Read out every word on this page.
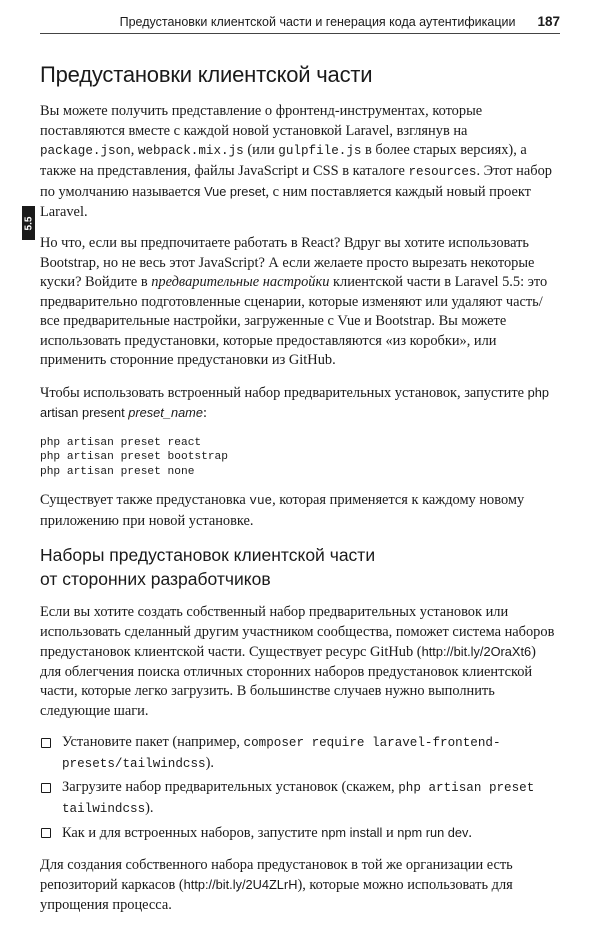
Предустановки клиентской части и генерация кода аутентификации 187
5.5
Предустановки клиентской части

Вы можете получить представление о фронтенд-инструментах, которые поставляются вместе с каждой новой установкой Laravel, взглянув на package.json, webpack.mix.js (или gulpfile.js в более старых версиях), а также на представления, файлы JavaScript и CSS в каталоге resources. Этот набор по умолчанию называется Vue preset, с ним поставляется каждый новый проект Laravel.

Но что, если вы предпочитаете работать в React? Вдруг вы хотите использовать Bootstrap, но не весь этот JavaScript? А если желаете просто вырезать некоторые куски? Войдите в предварительные настройки клиентской части в Laravel 5.5: это предварительно подготовленные сценарии, которые изменяют или удаляют часть/все предварительные настройки, загруженные с Vue и Bootstrap. Вы можете использовать предустановки, которые предоставляются «из коробки», или применить сторонние предустановки из GitHub.

Чтобы использовать встроенный набор предварительных установок, запустите php artisan present preset_name:

php artisan preset react
php artisan preset bootstrap
php artisan preset none

Существует также предустановка vue, которая применяется к каждому новому приложению при новой установке.

Наборы предустановок клиентской части
от сторонних разработчиков

Если вы хотите создать собственный набор предварительных установок или использовать сделанный другим участником сообщества, поможет система наборов предустановок клиентской части. Существует ресурс GitHub (http://bit.ly/2OraXt6) для облегчения поиска отличных сторонних наборов предустановок клиентской части, которые легко загрузить. В большинстве случаев нужно выполнить следующие шаги.

Установите пакет (например, composer require laravel-frontend-presets/tailwindcss).
Загрузите набор предварительных установок (скажем, php artisan preset tailwindcss).
Как и для встроенных наборов, запустите npm install и npm run dev.

Для создания собственного набора предустановок в той же организации есть репозиторий каркасов (http://bit.ly/2U4ZLrH), которые можно использовать для упрощения процесса.
